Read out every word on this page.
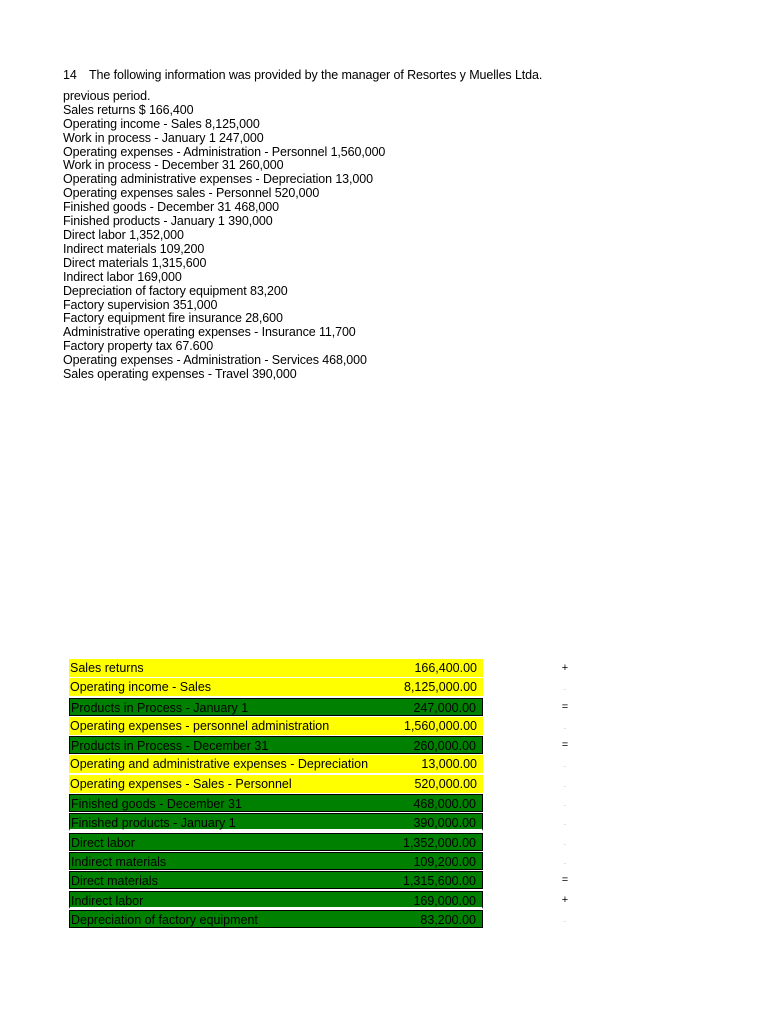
14 The following information was provided by the manager of Resortes y Muelles Ltda.
previous period.
Sales returns $ 166,400
Operating income - Sales 8,125,000
Work in process - January 1 247,000
Operating expenses - Administration - Personnel 1,560,000
Work in process - December 31 260,000
Operating administrative expenses - Depreciation 13,000
Operating expenses sales - Personnel 520,000
Finished goods - December 31 468,000
Finished products - January 1 390,000
Direct labor 1,352,000
Indirect materials 109,200
Direct materials 1,315,600
Indirect labor 169,000
Depreciation of factory equipment 83,200
Factory supervision 351,000
Factory equipment fire insurance 28,600
Administrative operating expenses - Insurance 11,700
Factory property tax 67.600
Operating expenses - Administration - Services 468,000
Sales operating expenses - Travel 390,000
Sales returns	166,400.00	+
Operating income - Sales	8,125,000.00	.
Products in Process - January 1	247,000.00	=
Operating expenses - personnel administration	1,560,000.00	.
Products in Process - December 31	260,000.00	=
Operating and administrative expenses - Depreciation	13,000.00	.
Operating expenses - Sales - Personnel	520,000.00	.
Finished goods - December 31	468,000.00	.
Finished products - January 1	390,000.00	.
Direct labor	1,352,000.00	.
Indirect materials	109,200.00	.
Direct materials	1,315,600.00	=
Indirect labor	169,000.00	+
Depreciation of factory equipment	83,200.00	.
